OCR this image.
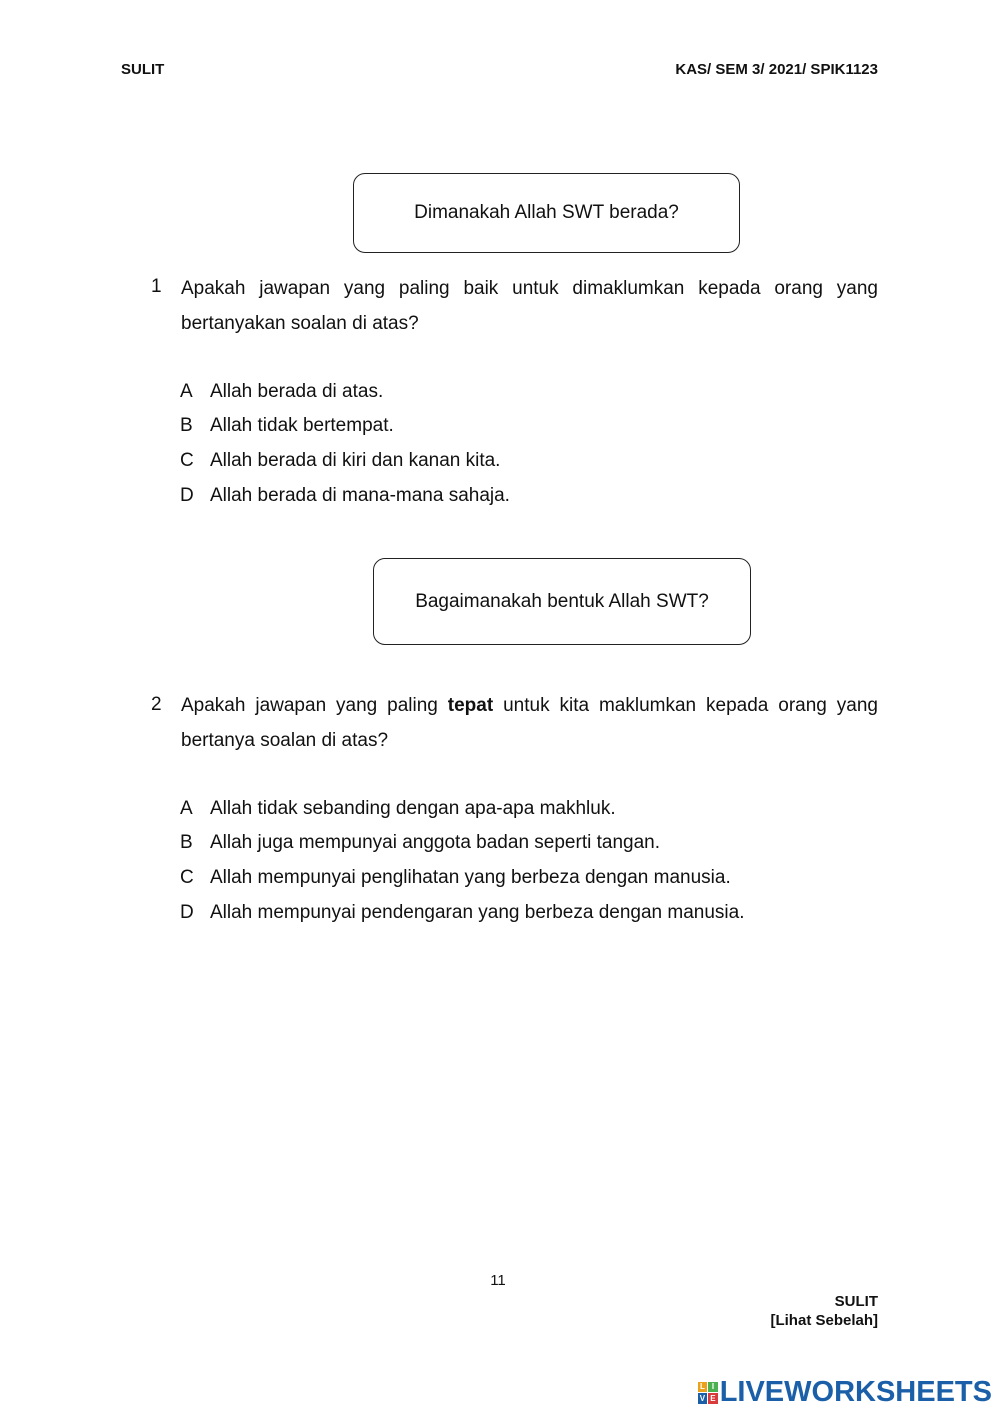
SULIT	KAS/ SEM 3/ 2021/ SPIK1123
Dimanakah Allah SWT berada?
1 Apakah jawapan yang paling baik untuk dimaklumkan kepada orang yang
bertanyakan soalan di atas?
A Allah berada di atas.
B Allah tidak bertempat.
C Allah berada di kiri dan kanan kita.
D Allah berada di mana-mana sahaja.
Bagaimanakah bentuk Allah SWT?
2 Apakah jawapan yang paling tepat untuk kita maklumkan kepada orang yang
bertanya soalan di atas?
A Allah tidak sebanding dengan apa-apa makhluk.
B Allah juga mempunyai anggota badan seperti tangan.
C Allah mempunyai penglihatan yang berbeza dengan manusia.
D Allah mempunyai pendengaran yang berbeza dengan manusia.
11
SULIT
[Lihat Sebelah]
L I
V E LIVEWORKSHEETS
